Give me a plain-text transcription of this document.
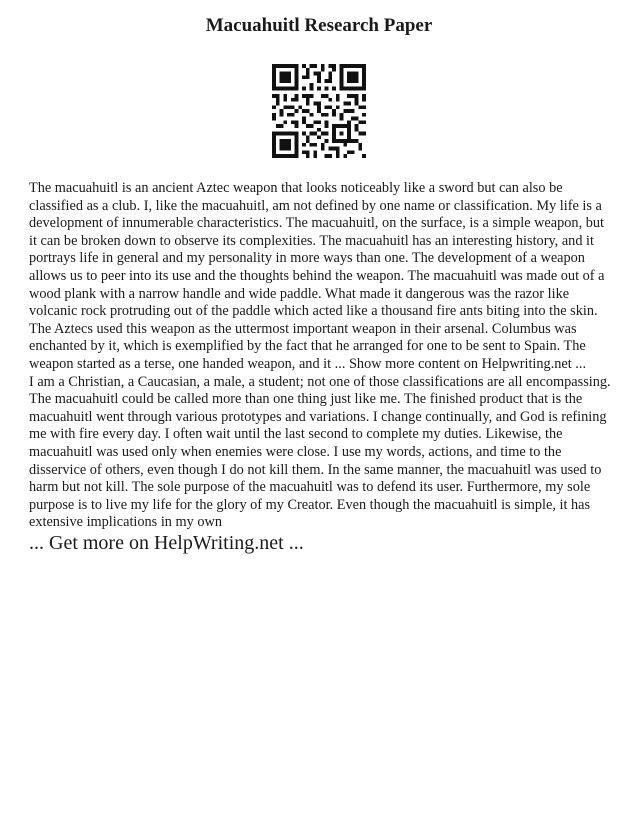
Macuahuitl Research Paper

The macuahuitl is an ancient Aztec weapon that looks noticeably like a sword but can also be classified as a club. I, like the macuahuitl, am not defined by one name or classification. My life is a development of innumerable characteristics. The macuahuitl, on the surface, is a simple weapon, but it can be broken down to observe its complexities. The macuahuitl has an interesting history, and it portrays life in general and my personality in more ways than one. The development of a weapon allows us to peer into its use and the thoughts behind the weapon. The macuahuitl was made out of a wood plank with a narrow handle and wide paddle. What made it dangerous was the razor like volcanic rock protruding out of the paddle which acted like a thousand fire ants biting into the skin. The Aztecs used this weapon as the uttermost important weapon in their arsenal. Columbus was enchanted by it, which is exemplified by the fact that he arranged for one to be sent to Spain. The weapon started as a terse, one handed weapon, and it ... Show more content on Helpwriting.net ...

I am a Christian, a Caucasian, a male, a student; not one of those classifications are all encompassing. The macuahuitl could be called more than one thing just like me. The finished product that is the macuahuitl went through various prototypes and variations. I change continually, and God is refining me with fire every day. I often wait until the last second to complete my duties. Likewise, the macuahuitl was used only when enemies were close. I use my words, actions, and time to the disservice of others, even though I do not kill them. In the same manner, the macuahuitl was used to harm but not kill. The sole purpose of the macuahuitl was to defend its user. Furthermore, my sole purpose is to live my life for the glory of my Creator. Even though the macuahuitl is simple, it has extensive implications in my own

... Get more on HelpWriting.net ...
